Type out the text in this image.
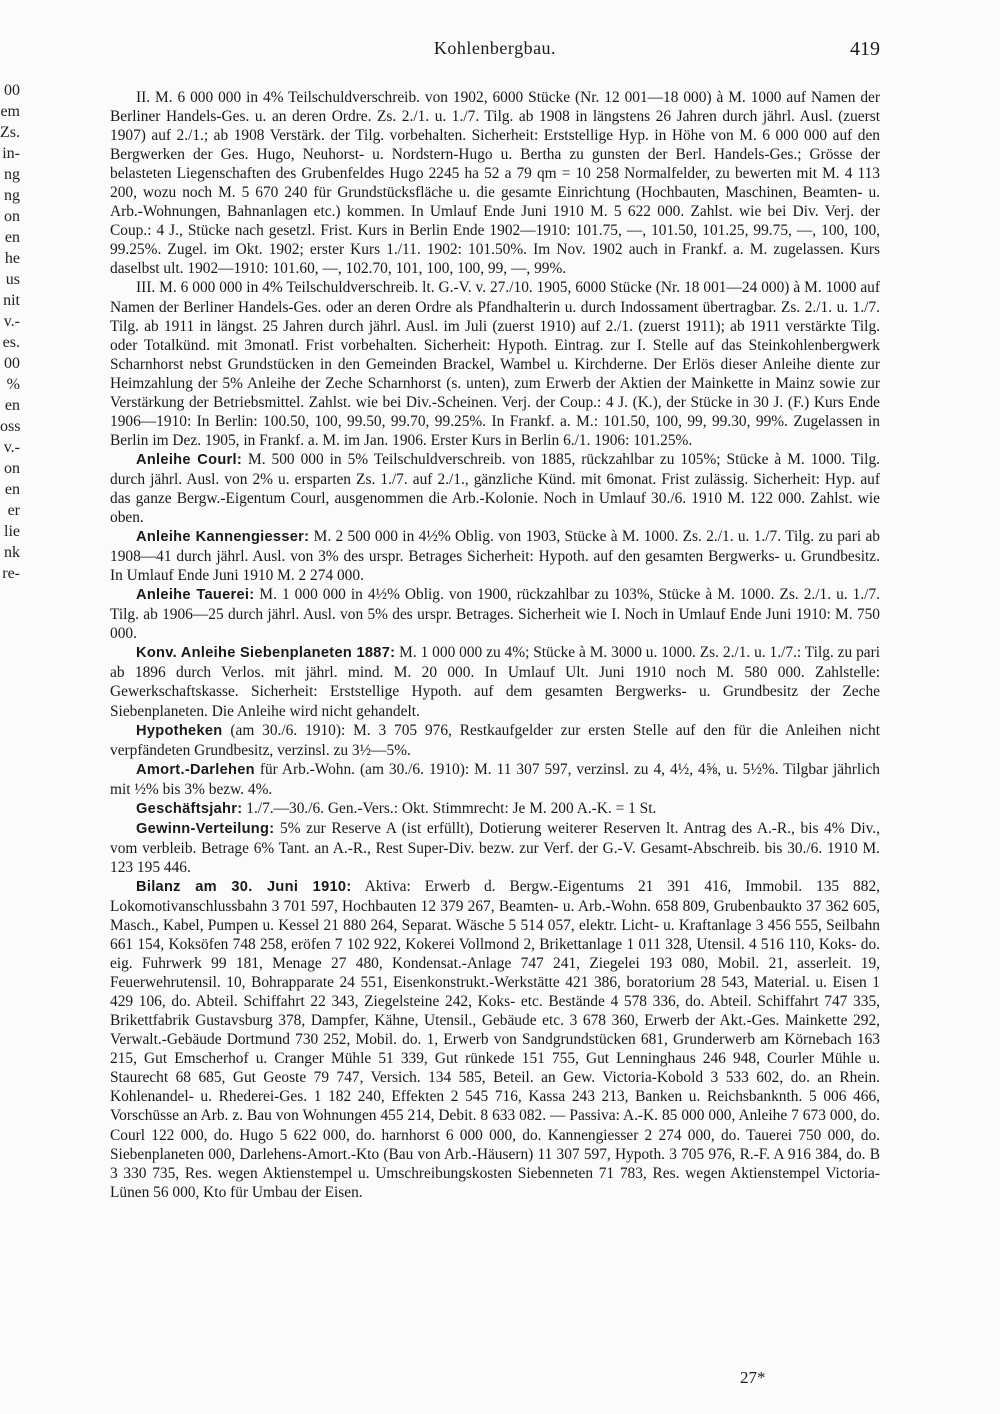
00
em
Zs.
in-
ng
ng
on
en
he
us
nit
v.-
es.
00
%
en
oss
v.-
on
en
er
lie
nk
re-
Kohlenbergbau.	419

II. M. 6 000 000 in 4% Teilschuldverschreib. von 1902, 6000 Stücke (Nr. 12 001—18 000) à M. 1000 auf Namen der Berliner Handels-Ges. u. an deren Ordre. Zs. 2./1. u. 1./7. Tilg. ab 1908 in längstens 26 Jahren durch jährl. Ausl. (zuerst 1907) auf 2./1.; ab 1908 Verstärk. der Tilg. vorbehalten. Sicherheit: Erststellige Hyp. in Höhe von M. 6 000 000 auf den Bergwerken der Ges. Hugo, Neuhorst- u. Nordstern-Hugo u. Bertha zu gunsten der Berl. Handels-Ges.; Grösse der belasteten Liegenschaften des Grubenfeldes Hugo 2245 ha 52 a 79 qm = 10 258 Normalfelder, zu bewerten mit M. 4 113 200, wozu noch M. 5 670 240 für Grundstücksfläche u. die gesamte Einrichtung (Hochbauten, Maschinen, Beamten- u. Arb.-Wohnungen, Bahnanlagen etc.) kommen. In Umlauf Ende Juni 1910 M. 5 622 000. Zahlst. wie bei Div. Verj. der Coup.: 4 J., Stücke nach gesetzl. Frist. Kurs in Berlin Ende 1902—1910: 101.75, —, 101.50, 101.25, 99.75, —, 100, 100, 99.25%. Zugel. im Okt. 1902; erster Kurs 1./11. 1902: 101.50%. Im Nov. 1902 auch in Frankf. a. M. zugelassen. Kurs daselbst ult. 1902—1910: 101.60, —, 102.70, 101, 100, 100, 99, —, 99%.

III. M. 6 000 000 in 4% Teilschuldverschreib. lt. G.-V. v. 27./10. 1905, 6000 Stücke (Nr. 18 001—24 000) à M. 1000 auf Namen der Berliner Handels-Ges. oder an deren Ordre als Pfandhalterin u. durch Indossament übertragbar. Zs. 2./1. u. 1./7. Tilg. ab 1911 in längst. 25 Jahren durch jährl. Ausl. im Juli (zuerst 1910) auf 2./1. (zuerst 1911); ab 1911 verstärkte Tilg. oder Totalkünd. mit 3monatl. Frist vorbehalten. Sicherheit: Hypoth. Eintrag. zur I. Stelle auf das Steinkohlenbergwerk Scharnhorst nebst Grundstücken in den Gemeinden Brackel, Wambel u. Kirchderne. Der Erlös dieser Anleihe diente zur Heimzahlung der 5% Anleihe der Zeche Scharnhorst (s. unten), zum Erwerb der Aktien der Mainkette in Mainz sowie zur Verstärkung der Betriebsmittel. Zahlst. wie bei Div.-Scheinen. Verj. der Coup.: 4 J. (K.), der Stücke in 30 J. (F.) Kurs Ende 1906—1910: In Berlin: 100.50, 100, 99.50, 99.70, 99.25%. In Frankf. a. M.: 101.50, 100, 99, 99.30, 99%. Zugelassen in Berlin im Dez. 1905, in Frankf. a. M. im Jan. 1906. Erster Kurs in Berlin 6./1. 1906: 101.25%.

Anleihe Courl: M. 500 000 in 5% Teilschuldverschreib. von 1885, rückzahlbar zu 105%; Stücke à M. 1000. Tilg. durch jährl. Ausl. von 2% u. ersparten Zs. 1./7. auf 2./1., gänzliche Künd. mit 6monat. Frist zulässig. Sicherheit: Hyp. auf das ganze Bergw.-Eigentum Courl, ausgenommen die Arb.-Kolonie. Noch in Umlauf 30./6. 1910 M. 122 000. Zahlst. wie oben.

Anleihe Kannengiesser: M. 2 500 000 in 4½% Oblig. von 1903, Stücke à M. 1000. Zs. 2./1. u. 1./7. Tilg. zu pari ab 1908—41 durch jährl. Ausl. von 3% des urspr. Betrages Sicherheit: Hypoth. auf den gesamten Bergwerks- u. Grundbesitz. In Umlauf Ende Juni 1910 M. 2 274 000.

Anleihe Tauerei: M. 1 000 000 in 4½% Oblig. von 1900, rückzahlbar zu 103%, Stücke à M. 1000. Zs. 2./1. u. 1./7. Tilg. ab 1906—25 durch jährl. Ausl. von 5% des urspr. Betrages. Sicherheit wie I. Noch in Umlauf Ende Juni 1910: M. 750 000.

Konv. Anleihe Siebenplaneten 1887: M. 1 000 000 zu 4%; Stücke à M. 3000 u. 1000. Zs. 2./1. u. 1./7.: Tilg. zu pari ab 1896 durch Verlos. mit jährl. mind. M. 20 000. In Umlauf Ult. Juni 1910 noch M. 580 000. Zahlstelle: Gewerkschaftskasse. Sicherheit: Erststellige Hypoth. auf dem gesamten Bergwerks- u. Grundbesitz der Zeche Siebenplaneten. Die Anleihe wird nicht gehandelt.

Hypotheken (am 30./6. 1910): M. 3 705 976, Restkaufgelder zur ersten Stelle auf den für die Anleihen nicht verpfändeten Grundbesitz, verzinsl. zu 3½—5%.

Amort.-Darlehen für Arb.-Wohn. (am 30./6. 1910): M. 11 307 597, verzinsl. zu 4, 4½, 4⅝, u. 5½%. Tilgbar jährlich mit ½% bis 3% bezw. 4%.

Geschäftsjahr: 1./7.—30./6. Gen.-Vers.: Okt. Stimmrecht: Je M. 200 A.-K. = 1 St.

Gewinn-Verteilung: 5% zur Reserve A (ist erfüllt), Dotierung weiterer Reserven lt. Antrag des A.-R., bis 4% Div., vom verbleib. Betrage 6% Tant. an A.-R., Rest Super-Div. bezw. zur Verf. der G.-V. Gesamt-Abschreib. bis 30./6. 1910 M. 123 195 446.

Bilanz am 30. Juni 1910: Aktiva: Erwerb d. Bergw.-Eigentums 21 391 416, Immobil. 135 882, Lokomotivanschlussbahn 3 701 597, Hochbauten 12 379 267, Beamten- u. Arb.-Wohn. 658 809, Grubenbaukto 37 362 605, Masch., Kabel, Pumpen u. Kessel 21 880 264, Separat. Wäsche 5 514 057, elektr. Licht- u. Kraftanlage 3 456 555, Seilbahn 661 154, Koksöfen 748 258, eröfen 7 102 922, Kokerei Vollmond 2, Brikettanlage 1 011 328, Utensil. 4 516 110, Koks- do. eig. Fuhrwerk 99 181, Menage 27 480, Kondensat.-Anlage 747 241, Ziegelei 193 080, Mobil. 21, asserleit. 19, Feuerwehrutensil. 10, Bohrapparate 24 551, Eisenkonstrukt.-Werkstätte 421 386, boratorium 28 543, Material. u. Eisen 1 429 106, do. Abteil. Schiffahrt 22 343, Ziegelsteine 242, Koks- etc. Bestände 4 578 336, do. Abteil. Schiffahrt 747 335, Brikettfabrik Gustavsburg 378, Dampfer, Kähne, Utensil., Gebäude etc. 3 678 360, Erwerb der Akt.-Ges. Mainkette 292, Verwalt.-Gebäude Dortmund 730 252, Mobil. do. 1, Erwerb von Sandgrundstücken 681, Grunderwerb am Körnebach 163 215, Gut Emscherhof u. Cranger Mühle 51 339, Gut rünkede 151 755, Gut Lenninghaus 246 948, Courler Mühle u. Staurecht 68 685, Gut Geoste 79 747, Versich. 134 585, Beteil. an Gew. Victoria-Kobold 3 533 602, do. an Rhein. Kohlenandel- u. Rhederei-Ges. 1 182 240, Effekten 2 545 716, Kassa 243 213, Banken u. Reichsbanknth. 5 006 466, Vorschüsse an Arb. z. Bau von Wohnungen 455 214, Debit. 8 633 082. — Passiva: A.-K. 85 000 000, Anleihe 7 673 000, do. Courl 122 000, do. Hugo 5 622 000, do. harnhorst 6 000 000, do. Kannengiesser 2 274 000, do. Tauerei 750 000, do. Siebenplaneten 000, Darlehens-Amort.-Kto (Bau von Arb.-Häusern) 11 307 597, Hypoth. 3 705 976, R.-F. A 916 384, do. B 3 330 735, Res. wegen Aktienstempel u. Umschreibungskosten Siebenneten 71 783, Res. wegen Aktienstempel Victoria-Lünen 56 000, Kto für Umbau der Eisen.

27*
